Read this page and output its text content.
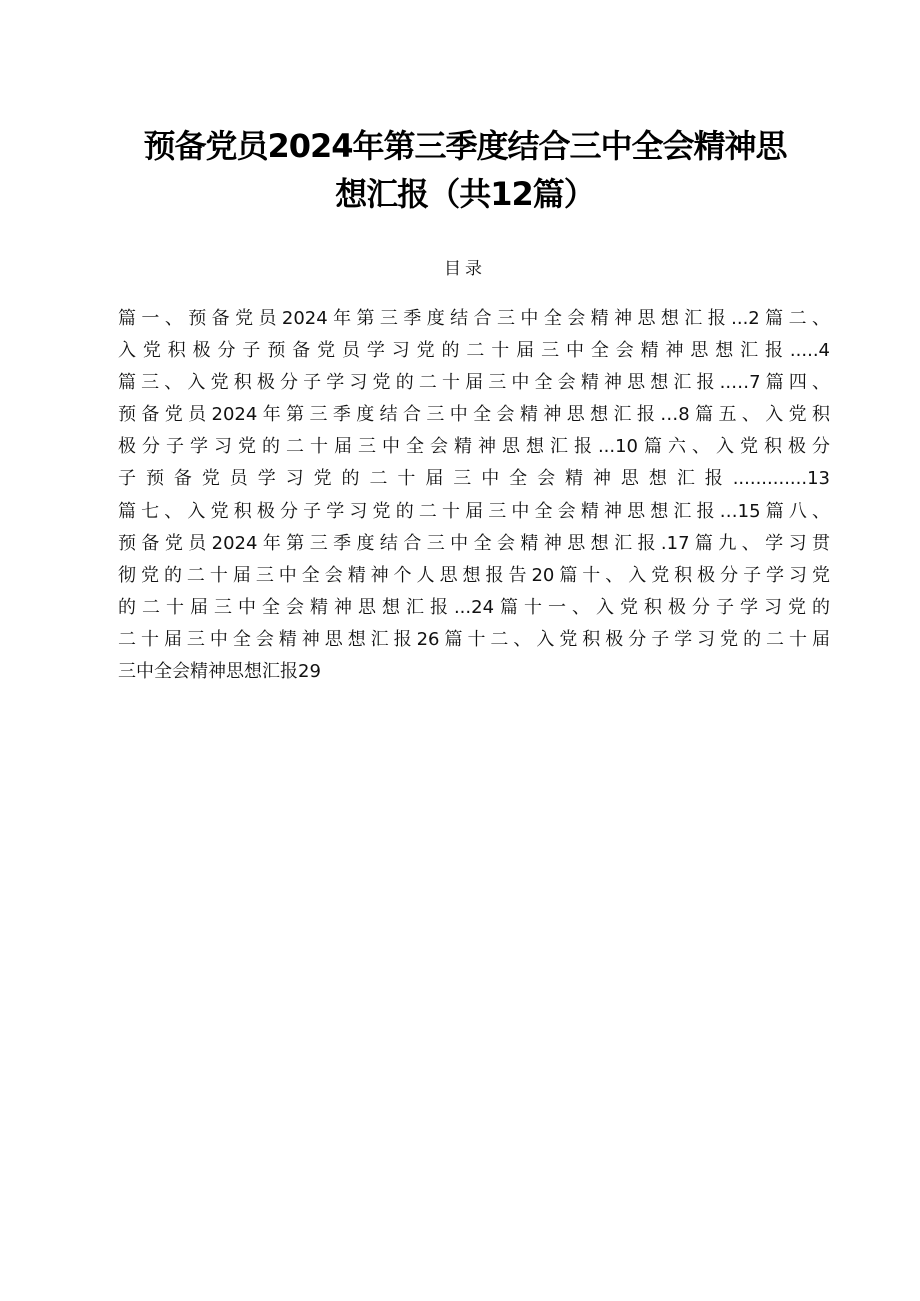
预备党员2024年第三季度结合三中全会精神思
想汇报（共12篇）
目录
篇一、预备党员2024年第三季度结合三中全会精神思想汇报...2篇二、
入党积极分子预备党员学习党的二十届三中全会精神思想汇报.....4
篇三、入党积极分子学习党的二十届三中全会精神思想汇报..…7篇四、
预备党员2024年第三季度结合三中全会精神思想汇报…8篇五、入党积
极分子学习党的二十届三中全会精神思想汇报...10篇六、入党积极分
子预备党员学习党的二十届三中全会精神思想汇报.............13
篇七、入党积极分子学习党的二十届三中全会精神思想汇报…15篇八、
预备党员2024年第三季度结合三中全会精神思想汇报.17篇九、学习贯
彻党的二十届三中全会精神个人思想报告20篇十、入党积极分子学习党
的二十届三中全会精神思想汇报...24篇十一、入党积极分子学习党的
二十届三中全会精神思想汇报26篇十二、入党积极分子学习党的二十届
三中全会精神思想汇报29
